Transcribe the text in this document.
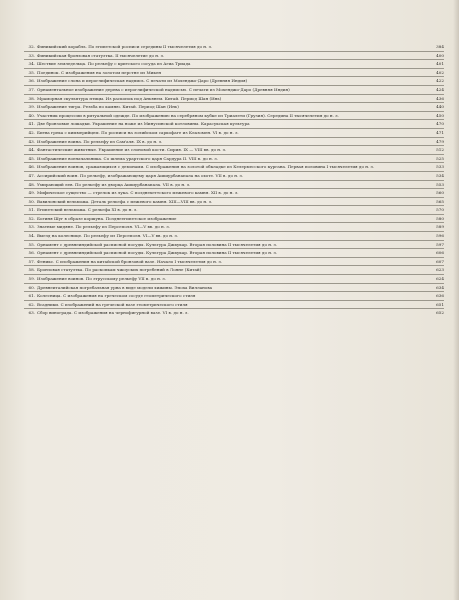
32. Финикийский корабль. По египетской росписи середины II тысячелетия до н. э.	384
33. Финикийская бронзовая статуэтка. II тысячелетие до н. э.	400
34. Шествие земледельца. По рельефу с критского сосуда из Агиа Триада	401
35. Поединок. С изображения на золотом перстне из Микен	402
36. Изображение слона и иероглифическая надпись. С печати из Мохенджо-Даро (Древняя Индия)	422
37. Орнаментальное изображение дерева с иероглифической надписью. С печати из Мохенджо-Даро (Древняя Индия)	424
38. Мраморная скульптура птицы. Из раскопок под Аньянем. Китай. Период Шан (Инь)	436
39. Изображение тигра. Резьба по камню. Китай. Период Шан (Инь)	440
40. Участник процессии в ритуальной одежде. По изображению на серебряном кубке из Триалети (Грузия). Середина II тысячелетия до н. э.	450
41. Две бронзовые лошадки. Украшение на ноже из Минусинской котловины. Карасукская культура	470
42. Битва грека с киммерийцем. По росписи на эолийском саркофаге из Клазомен. VI в. до н. э.	471
43. Изображение воина. По рельефу из Сам'аля. IX в. до н. э.	479
44. Фантастические животные. Украшение из слоновой кости. Сирия. IX — VIII вв. до н. э.	512
45. Изображение военачальника. Со шлема урартского царя Сардура II. VIII в. до н. э.	525
46. Изображение воинов, сражающихся с демонами. С изображения на золотой обкладке из Келермесского кургана. Первая половина I тысячелетия до н. э.	533
47. Ассирийский воин. По рельефу, изображающему царя Ашшурбанапала на охоте. VII в. до н. э.	534
48. Умирающий лев. По рельефу из дворца Ашшурбанапала. VII в. до н. э.	553
49. Мифическое существо — стрелок из лука. С позднехеттского межевого камня. XII в. до н. э.	560
50. Вавилонский вельможа. Деталь рельефа с межевого камня. XIII—VIII вв. до н. э.	565
51. Египетский вельможа. С рельефа XI в. до н. э.	570
52. Богиня Шуг в образе коршуна. Позднеегипетское изображение	580
53. Знатные мидяне. По рельефу из Персеполя. VI—V вв. до н. э.	589
54. Выезд на колеснице. По рельефу из Персеполя. VI—V вв. до н. э.	596
55. Орнамент с древнеиндийской расписной посуды. Культура Джхукар. Вторая половина II тысячелетия до н. э.	597
56. Орнамент с древнеиндийской расписной посуды. Культура Джхукар. Вторая половина II тысячелетия до н. э.	606
57. Феникс. С изображения на китайской бронзовой вазе. Начало I тысячелетия до н. э.	607
58. Бронзовая статуэтка. По раскопкам чжоуских погребений в Лояне (Китай)	623
59. Изображение воинов. По этрусскому рельефу VII в. до н. э.	624
60. Древнеиталийская погребальная урна в виде модели хижины. Эпоха Вилланова	634
61. Колесница. С изображения на греческом сосуде геометрического стиля	636
62. Всадники. С изображений на греческой вазе геометрического стиля	651
63. Сбор винограда. С изображения на чернофигурной вазе. VI в. до н. э.	652
